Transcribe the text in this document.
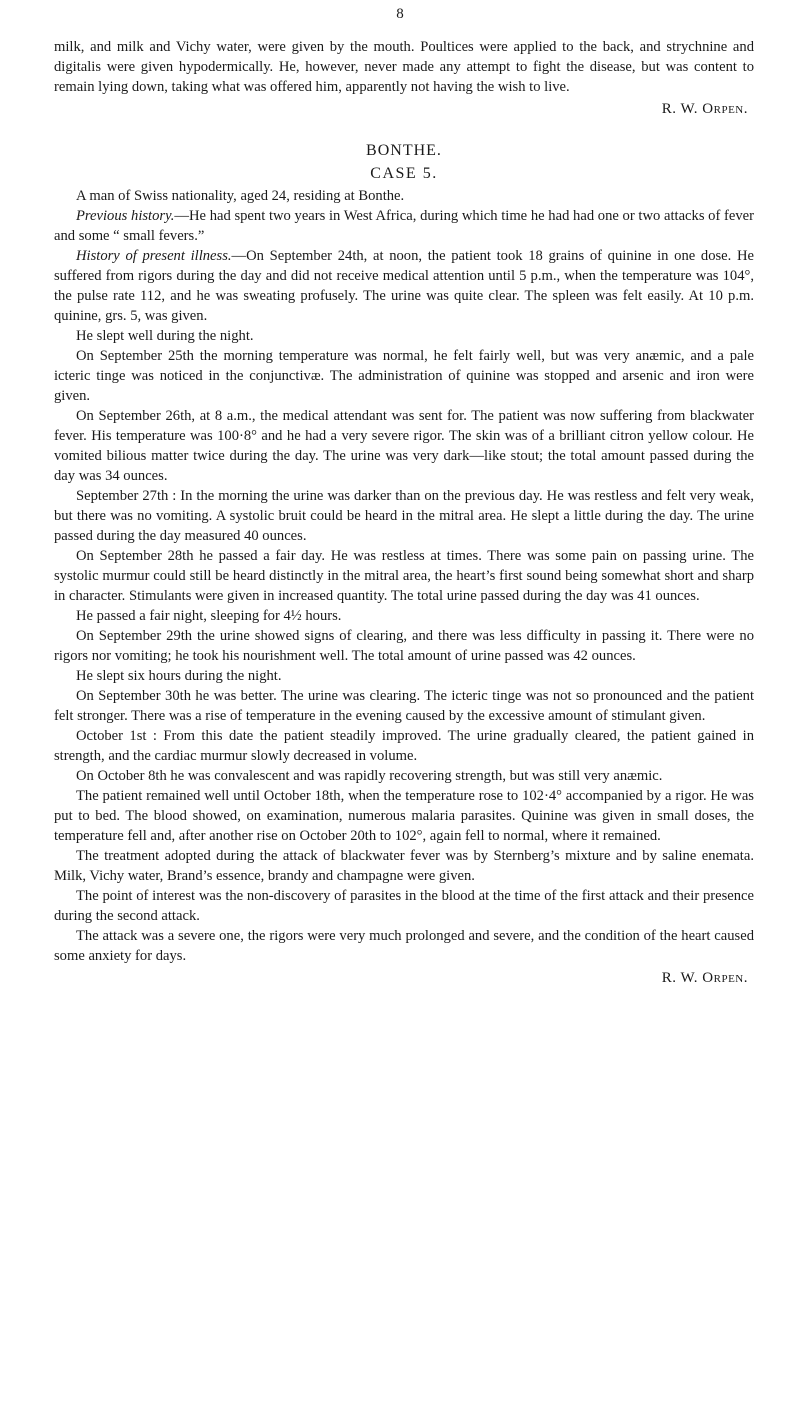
8

milk, and milk and Vichy water, were given by the mouth. Poultices were applied to the back, and strychnine and digitalis were given hypodermically. He, however, never made any attempt to fight the disease, but was content to remain lying down, taking what was offered him, apparently not having the wish to live.

R. W. Orpen.

BONTHE.

CASE 5.

A man of Swiss nationality, aged 24, residing at Bonthe.

Previous history.—He had spent two years in West Africa, during which time he had had one or two attacks of fever and some “ small fevers.”

History of present illness.—On September 24th, at noon, the patient took 18 grains of quinine in one dose. He suffered from rigors during the day and did not receive medical attention until 5 p.m., when the temperature was 104°, the pulse rate 112, and he was sweating profusely. The urine was quite clear. The spleen was felt easily. At 10 p.m. quinine, grs. 5, was given.

He slept well during the night.

On September 25th the morning temperature was normal, he felt fairly well, but was very anæmic, and a pale icteric tinge was noticed in the conjunctivæ. The administration of quinine was stopped and arsenic and iron were given.

On September 26th, at 8 a.m., the medical attendant was sent for. The patient was now suffering from blackwater fever. His temperature was 100·8° and he had a very severe rigor. The skin was of a brilliant citron yellow colour. He vomited bilious matter twice during the day. The urine was very dark—like stout; the total amount passed during the day was 34 ounces.

September 27th : In the morning the urine was darker than on the previous day. He was restless and felt very weak, but there was no vomiting. A systolic bruit could be heard in the mitral area. He slept a little during the day. The urine passed during the day measured 40 ounces.

On September 28th he passed a fair day. He was restless at times. There was some pain on passing urine. The systolic murmur could still be heard distinctly in the mitral area, the heart’s first sound being somewhat short and sharp in character. Stimulants were given in increased quantity. The total urine passed during the day was 41 ounces.

He passed a fair night, sleeping for 4½ hours.

On September 29th the urine showed signs of clearing, and there was less difficulty in passing it. There were no rigors nor vomiting; he took his nourishment well. The total amount of urine passed was 42 ounces.

He slept six hours during the night.

On September 30th he was better. The urine was clearing. The icteric tinge was not so pronounced and the patient felt stronger. There was a rise of temperature in the evening caused by the excessive amount of stimulant given.

October 1st : From this date the patient steadily improved. The urine gradually cleared, the patient gained in strength, and the cardiac murmur slowly decreased in volume.

On October 8th he was convalescent and was rapidly recovering strength, but was still very anæmic.

The patient remained well until October 18th, when the temperature rose to 102·4° accompanied by a rigor. He was put to bed. The blood showed, on examination, numerous malaria parasites. Quinine was given in small doses, the temperature fell and, after another rise on October 20th to 102°, again fell to normal, where it remained.

The treatment adopted during the attack of blackwater fever was by Sternberg’s mixture and by saline enemata. Milk, Vichy water, Brand’s essence, brandy and champagne were given.

The point of interest was the non-discovery of parasites in the blood at the time of the first attack and their presence during the second attack.

The attack was a severe one, the rigors were very much prolonged and severe, and the condition of the heart caused some anxiety for days.

R. W. Orpen.
